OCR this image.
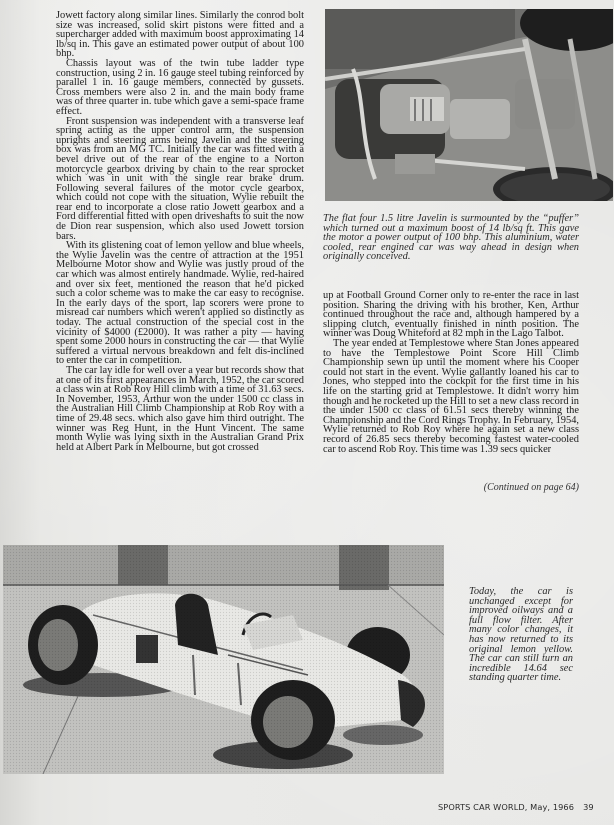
Jowett factory along similar lines. Similarly the conrod bolt size was increased, solid skirt pistons were fitted and a supercharger added with maximum boost approximating 14 lb/sq in. This gave an estimated power output of about 100 bhp.

Chassis layout was of the twin tube ladder type construction, using 2 in. 16 gauge steel tubing reinforced by parallel 1 in. 16 gauge members, connected by gussets. Cross members were also 2 in. and the main body frame was of three quarter in. tube which gave a semi-space frame effect.

Front suspension was independent with a transverse leaf spring acting as the upper control arm, the suspension uprights and steering arms being Javelin and the steering box was from an MG TC. Initially the car was fitted with a bevel drive out of the rear of the engine to a Norton motorcycle gearbox driving by chain to the rear sprocket which was in unit with the single rear brake drum. Following several failures of the motor cycle gearbox, which could not cope with the situation, Wylie rebuilt the rear end to incorporate a close ratio Jowett gearbox and a Ford differential fitted with open driveshafts to suit the now de Dion rear suspension, which also used Jowett torsion bars.

With its glistening coat of lemon yellow and blue wheels, the Wylie Javelin was the centre of attraction at the 1951 Melbourne Motor show and Wylie was justly proud of the car which was almost entirely handmade. Wylie, red-haired and over six feet, mentioned the reason that he'd picked such a color scheme was to make the car easy to recognise. In the early days of the sport, lap scorers were prone to misread car numbers which weren't applied so distinctly as today. The actual construction of the special cost in the vicinity of $4000 (£2000). It was rather a pity — having spent some 2000 hours in constructing the car — that Wylie suffered a virtual nervous breakdown and felt dis-inclined to enter the car in competition.

The car lay idle for well over a year but records show that at one of its first appearances in March, 1952, the car scored a class win at Rob Roy Hill climb with a time of 31.63 secs. In November, 1953, Arthur won the under 1500 cc class in the Australian Hill Climb Championship at Rob Roy with a time of 29.48 secs. which also gave him third outright. The winner was Reg Hunt, in the Hunt Vincent. The same month Wylie was lying sixth in the Australian Grand Prix held at Albert Park in Melbourne, but got crossed

The flat four 1.5 litre Javelin is surmounted by the “puffer” which turned out a maximum boost of 14 lb/sq ft. This gave the motor a power output of 100 bhp. This aluminium, water cooled, rear engined car was way ahead in design when originally conceived.

up at Football Ground Corner only to re-enter the race in last position. Sharing the driving with his brother, Ken, Arthur continued throughout the race and, although hampered by a slipping clutch, eventually finished in ninth position. The winner was Doug Whiteford at 82 mph in the Lago Talbot.

The year ended at Templestowe where Stan Jones appeared to have the Templestowe Point Score Hill Climb Championship sewn up until the moment where his Cooper could not start in the event. Wylie gallantly loaned his car to Jones, who stepped into the cockpit for the first time in his life on the starting grid at Templestowe. It didn't worry him though and he rocketed up the Hill to set a new class record in the under 1500 cc class of 61.51 secs thereby winning the Championship and the Cord Rings Trophy. In February, 1954, Wylie returned to Rob Roy where he again set a new class record of 26.85 secs thereby becoming fastest water-cooled car to ascend Rob Roy. This time was 1.39 secs quicker

(Continued on page 64)
Today, the car is unchanged except for improved oilways and a full flow filter. After many color changes, it has now returned to its original lemon yellow. The car can still turn an incredible 14.64 sec standing quarter time.
SPORTS CAR WORLD, May, 1966 39
